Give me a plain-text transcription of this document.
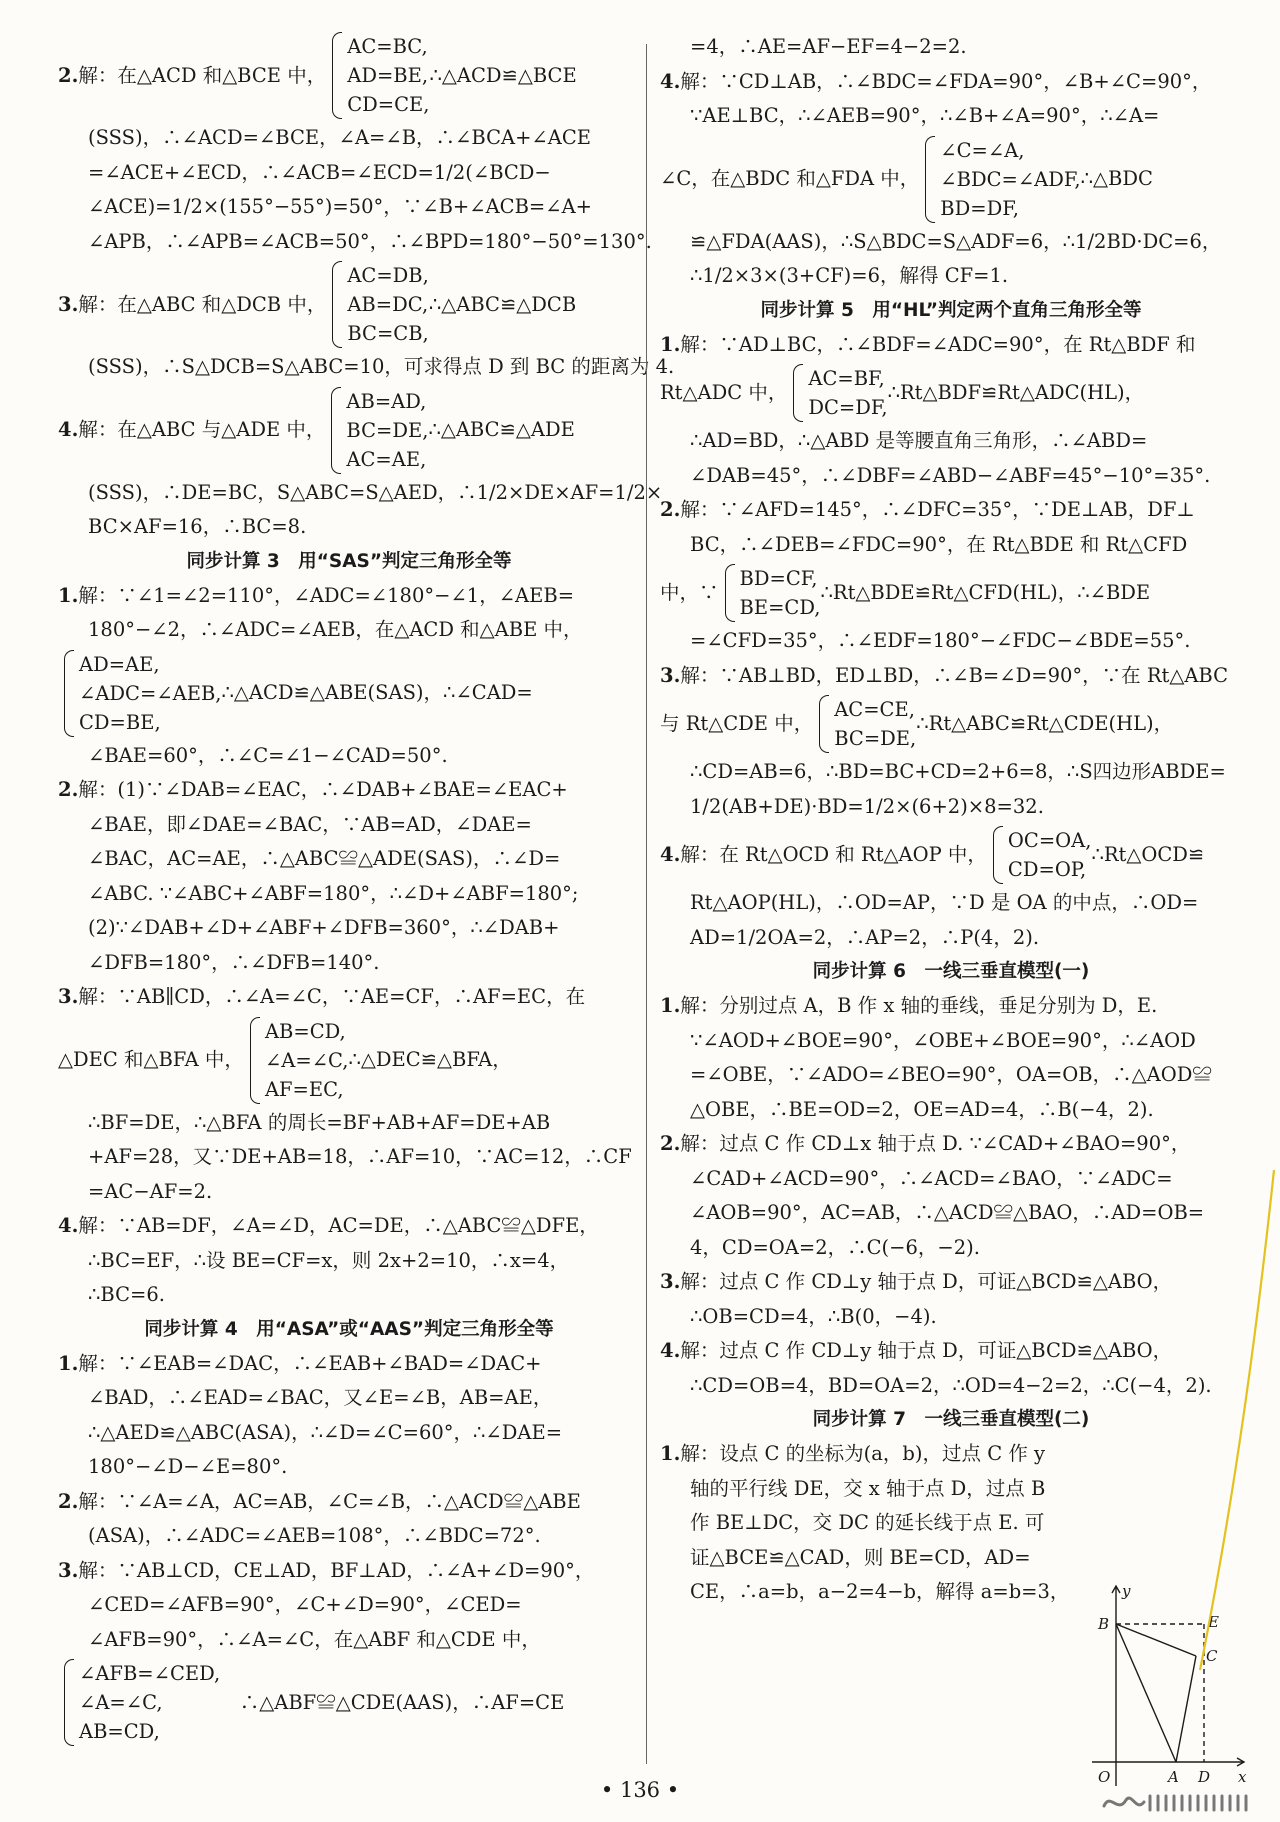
2. 解：在△ACD 和△BCE 中，
AC=BC,
AD=BE,
CD=CE,
∴△ACD≌△BCE
(SSS)，∴∠ACD=∠BCE，∠A=∠B，∴∠BCA+∠ACE
=∠ACE+∠ECD，∴∠ACB=∠ECD=1/2(∠BCD−
∠ACE)=1/2×(155°−55°)=50°，∵∠B+∠ACB=∠A+
∠APB，∴∠APB=∠ACB=50°，∴∠BPD=180°−50°=130°.
3. 解：在△ABC 和△DCB 中，
AC=DB,
AB=DC,
BC=CB,
∴△ABC≌△DCB
(SSS)，∴S△DCB=S△ABC=10，可求得点 D 到 BC 的距离为 4.
4. 解：在△ABC 与△ADE 中，
AB=AD,
BC=DE,
AC=AE,
∴△ABC≌△ADE
(SSS)，∴DE=BC，S△ABC=S△AED，∴1/2×DE×AF=1/2×
BC×AF=16，∴BC=8.
同步计算 3　用“SAS”判定三角形全等
1.解：∵∠1=∠2=110°，∠ADC=∠180°−∠1，∠AEB=
180°−∠2，∴∠ADC=∠AEB，在△ACD 和△ABE 中，
AD=AE,
∠ADC=∠AEB,
CD=BE,
∴△ACD≌△ABE(SAS)，∴∠CAD=
∠BAE=60°，∴∠C=∠1−∠CAD=50°.
2.解：(1)∵∠DAB=∠EAC，∴∠DAB+∠BAE=∠EAC+
∠BAE，即∠DAE=∠BAC，∵AB=AD，∠DAE=
∠BAC，AC=AE，∴△ABC≌△ADE(SAS)，∴∠D=
∠ABC. ∵∠ABC+∠ABF=180°，∴∠D+∠ABF=180°;
(2)∵∠DAB+∠D+∠ABF+∠DFB=360°，∴∠DAB+
∠DFB=180°，∴∠DFB=140°.
3.解：∵AB∥CD，∴∠A=∠C，∵AE=CF，∴AF=EC，在
△DEC 和△BFA 中，
AB=CD,
∠A=∠C,
AF=EC,
∴△DEC≌△BFA，
∴BF=DE，∴△BFA 的周长=BF+AB+AF=DE+AB
+AF=28，又∵DE+AB=18，∴AF=10，∵AC=12，∴CF
=AC−AF=2.
4.解：∵AB=DF，∠A=∠D，AC=DE，∴△ABC≌△DFE，
∴BC=EF，∴设 BE=CF=x，则 2x+2=10，∴x=4，
∴BC=6.
同步计算 4　用“ASA”或“AAS”判定三角形全等
1.解：∵∠EAB=∠DAC，∴∠EAB+∠BAD=∠DAC+
∠BAD，∴∠EAD=∠BAC，又∠E=∠B，AB=AE，
∴△AED≌△ABC(ASA)，∴∠D=∠C=60°，∴∠DAE=
180°−∠D−∠E=80°.
2.解：∵∠A=∠A，AC=AB，∠C=∠B，∴△ACD≌△ABE
(ASA)，∴∠ADC=∠AEB=108°，∴∠BDC=72°.
3.解：∵AB⊥CD，CE⊥AD，BF⊥AD，∴∠A+∠D=90°，
∠CED=∠AFB=90°，∠C+∠D=90°，∠CED=
∠AFB=90°，∴∠A=∠C，在△ABF 和△CDE 中，
∠AFB=∠CED,
∠A=∠C,
AB=CD,
　∴△ABF≌△CDE(AAS)，∴AF=CE
=4，∴AE=AF−EF=4−2=2.
4.解：∵CD⊥AB，∴∠BDC=∠FDA=90°，∠B+∠C=90°，
∵AE⊥BC，∴∠AEB=90°，∴∠B+∠A=90°，∴∠A=
∠C，在△BDC 和△FDA 中，
∠C=∠A,
∠BDC=∠ADF,
BD=DF,
∴△BDC
≌△FDA(AAS)，∴S△BDC=S△ADF=6，∴1/2BD·DC=6，
∴1/2×3×(3+CF)=6，解得 CF=1.
同步计算 5　用“HL”判定两个直角三角形全等
1.解：∵AD⊥BC，∴∠BDF=∠ADC=90°，在 Rt△BDF 和
Rt△ADC 中，
AC=BF,
DC=DF,
∴Rt△BDF≌Rt△ADC(HL)，
∴AD=BD，∴△ABD 是等腰直角三角形，∴∠ABD=
∠DAB=45°，∴∠DBF=∠ABD−∠ABF=45°−10°=35°.
2.解：∵∠AFD=145°，∴∠DFC=35°，∵DE⊥AB，DF⊥
BC，∴∠DEB=∠FDC=90°，在 Rt△BDE 和 Rt△CFD
中，∵
BD=CF,
BE=CD,
∴Rt△BDE≌Rt△CFD(HL)，∴∠BDE
=∠CFD=35°，∴∠EDF=180°−∠FDC−∠BDE=55°.
3.解：∵AB⊥BD，ED⊥BD，∴∠B=∠D=90°，∵在 Rt△ABC
与 Rt△CDE 中，
AC=CE,
BC=DE,
∴Rt△ABC≌Rt△CDE(HL)，
∴CD=AB=6，∴BD=BC+CD=2+6=8，∴S四边形ABDE=
1/2(AB+DE)·BD=1/2×(6+2)×8=32.
4. 解：在 Rt△OCD 和 Rt△AOP 中，
OC=OA,
CD=OP,
∴Rt△OCD≌
Rt△AOP(HL)，∴OD=AP，∵D 是 OA 的中点，∴OD=
AD=1/2OA=2，∴AP=2，∴P(4，2).
同步计算 6　一线三垂直模型(一)
1.解：分别过点 A，B 作 x 轴的垂线，垂足分别为 D，E.
∵∠AOD+∠BOE=90°，∠OBE+∠BOE=90°，∴∠AOD
=∠OBE，∵∠ADO=∠BEO=90°，OA=OB，∴△AOD≌
△OBE，∴BE=OD=2，OE=AD=4，∴B(−4，2).
2.解：过点 C 作 CD⊥x 轴于点 D. ∵∠CAD+∠BAO=90°，
∠CAD+∠ACD=90°，∴∠ACD=∠BAO，∵∠ADC=
∠AOB=90°，AC=AB，∴△ACD≌△BAO，∴AD=OB=
4，CD=OA=2，∴C(−6，−2).
3.解：过点 C 作 CD⊥y 轴于点 D，可证△BCD≌△ABO，
∴OB=CD=4，∴B(0，−4).
4.解：过点 C 作 CD⊥y 轴于点 D，可证△BCD≌△ABO，
∴CD=OB=4，BD=OA=2，∴OD=4−2=2，∴C(−4，2).
同步计算 7　一线三垂直模型(二)
1.解：设点 C 的坐标为(a，b)，过点 C 作 y
轴的平行线 DE，交 x 轴于点 D，过点 B
作 BE⊥DC，交 DC 的延长线于点 E. 可
证△BCE≌△CAD，则 BE=CD，AD=
CE，∴a=b，a−2=4−b，解得 a=b=3，	y
B	E
C
O	A D x
• 136 •
